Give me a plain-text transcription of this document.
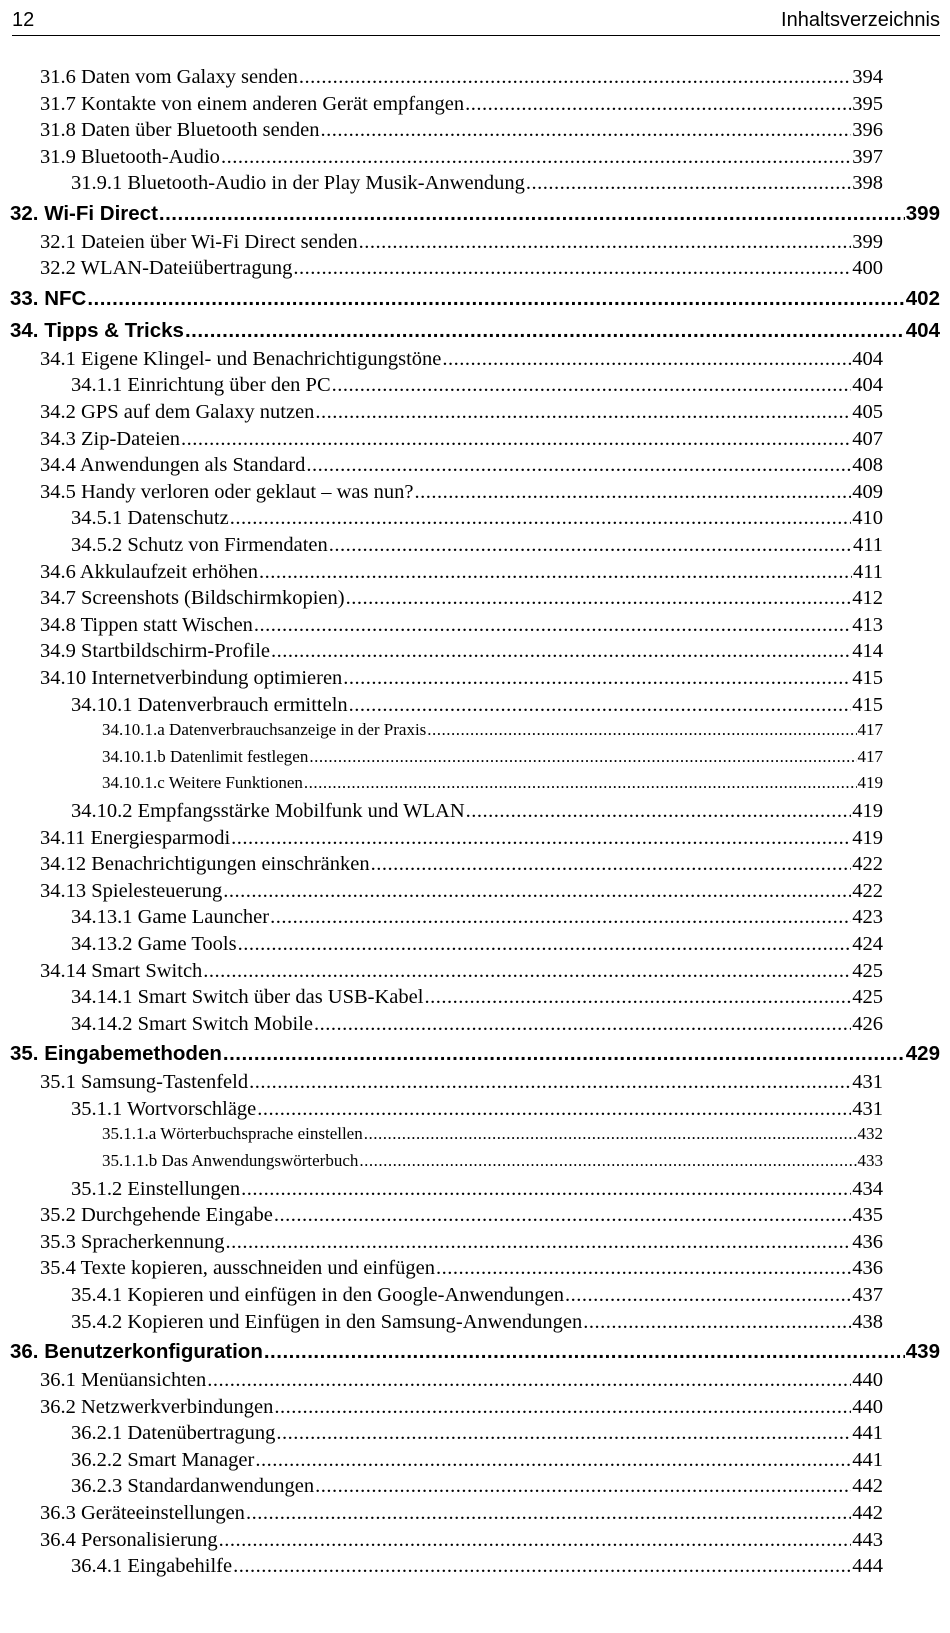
12	Inhaltsverzeichnis
31.6 Daten vom Galaxy senden .....	394
31.7 Kontakte von einem anderen Gerät empfangen .....	395
31.8 Daten über Bluetooth senden .....	396
31.9 Bluetooth-Audio .....	397
31.9.1 Bluetooth-Audio in der Play Musik-Anwendung .....	398
32. Wi-Fi Direct .....	399
32.1 Dateien über Wi-Fi Direct senden .....	399
32.2 WLAN-Dateiübertragung .....	400
33. NFC .....	402
34. Tipps & Tricks .....	404
34.1 Eigene Klingel- und Benachrichtigungstöne .....	404
34.1.1 Einrichtung über den PC .....	404
34.2 GPS auf dem Galaxy nutzen .....	405
34.3 Zip-Dateien .....	407
34.4 Anwendungen als Standard .....	408
34.5 Handy verloren oder geklaut – was nun? .....	409
34.5.1 Datenschutz .....	410
34.5.2 Schutz von Firmendaten .....	411
34.6 Akkulaufzeit erhöhen .....	411
34.7 Screenshots (Bildschirmkopien) .....	412
34.8 Tippen statt Wischen .....	413
34.9 Startbildschirm-Profile .....	414
34.10 Internetverbindung optimieren .....	415
34.10.1 Datenverbrauch ermitteln .....	415
34.10.1.a Datenverbrauchsanzeige in der Praxis .....	417
34.10.1.b Datenlimit festlegen .....	417
34.10.1.c Weitere Funktionen .....	419
34.10.2 Empfangsstärke Mobilfunk und WLAN .....	419
34.11 Energiesparmodi .....	419
34.12 Benachrichtigungen einschränken .....	422
34.13 Spielesteuerung .....	422
34.13.1 Game Launcher .....	423
34.13.2 Game Tools .....	424
34.14 Smart Switch .....	425
34.14.1 Smart Switch über das USB-Kabel .....	425
34.14.2 Smart Switch Mobile .....	426
35. Eingabemethoden .....	429
35.1 Samsung-Tastenfeld .....	431
35.1.1 Wortvorschläge .....	431
35.1.1.a Wörterbuchsprache einstellen .....	432
35.1.1.b Das Anwendungswörterbuch .....	433
35.1.2 Einstellungen .....	434
35.2 Durchgehende Eingabe .....	435
35.3 Spracherkennung .....	436
35.4 Texte kopieren, ausschneiden und einfügen .....	436
35.4.1 Kopieren und einfügen in den Google-Anwendungen .....	437
35.4.2 Kopieren und Einfügen in den Samsung-Anwendungen .....	438
36. Benutzerkonfiguration .....	439
36.1 Menüansichten .....	440
36.2 Netzwerkverbindungen .....	440
36.2.1 Datenübertragung .....	441
36.2.2 Smart Manager .....	441
36.2.3 Standardanwendungen .....	442
36.3 Geräteeinstellungen .....	442
36.4 Personalisierung .....	443
36.4.1 Eingabehilfe .....	444
